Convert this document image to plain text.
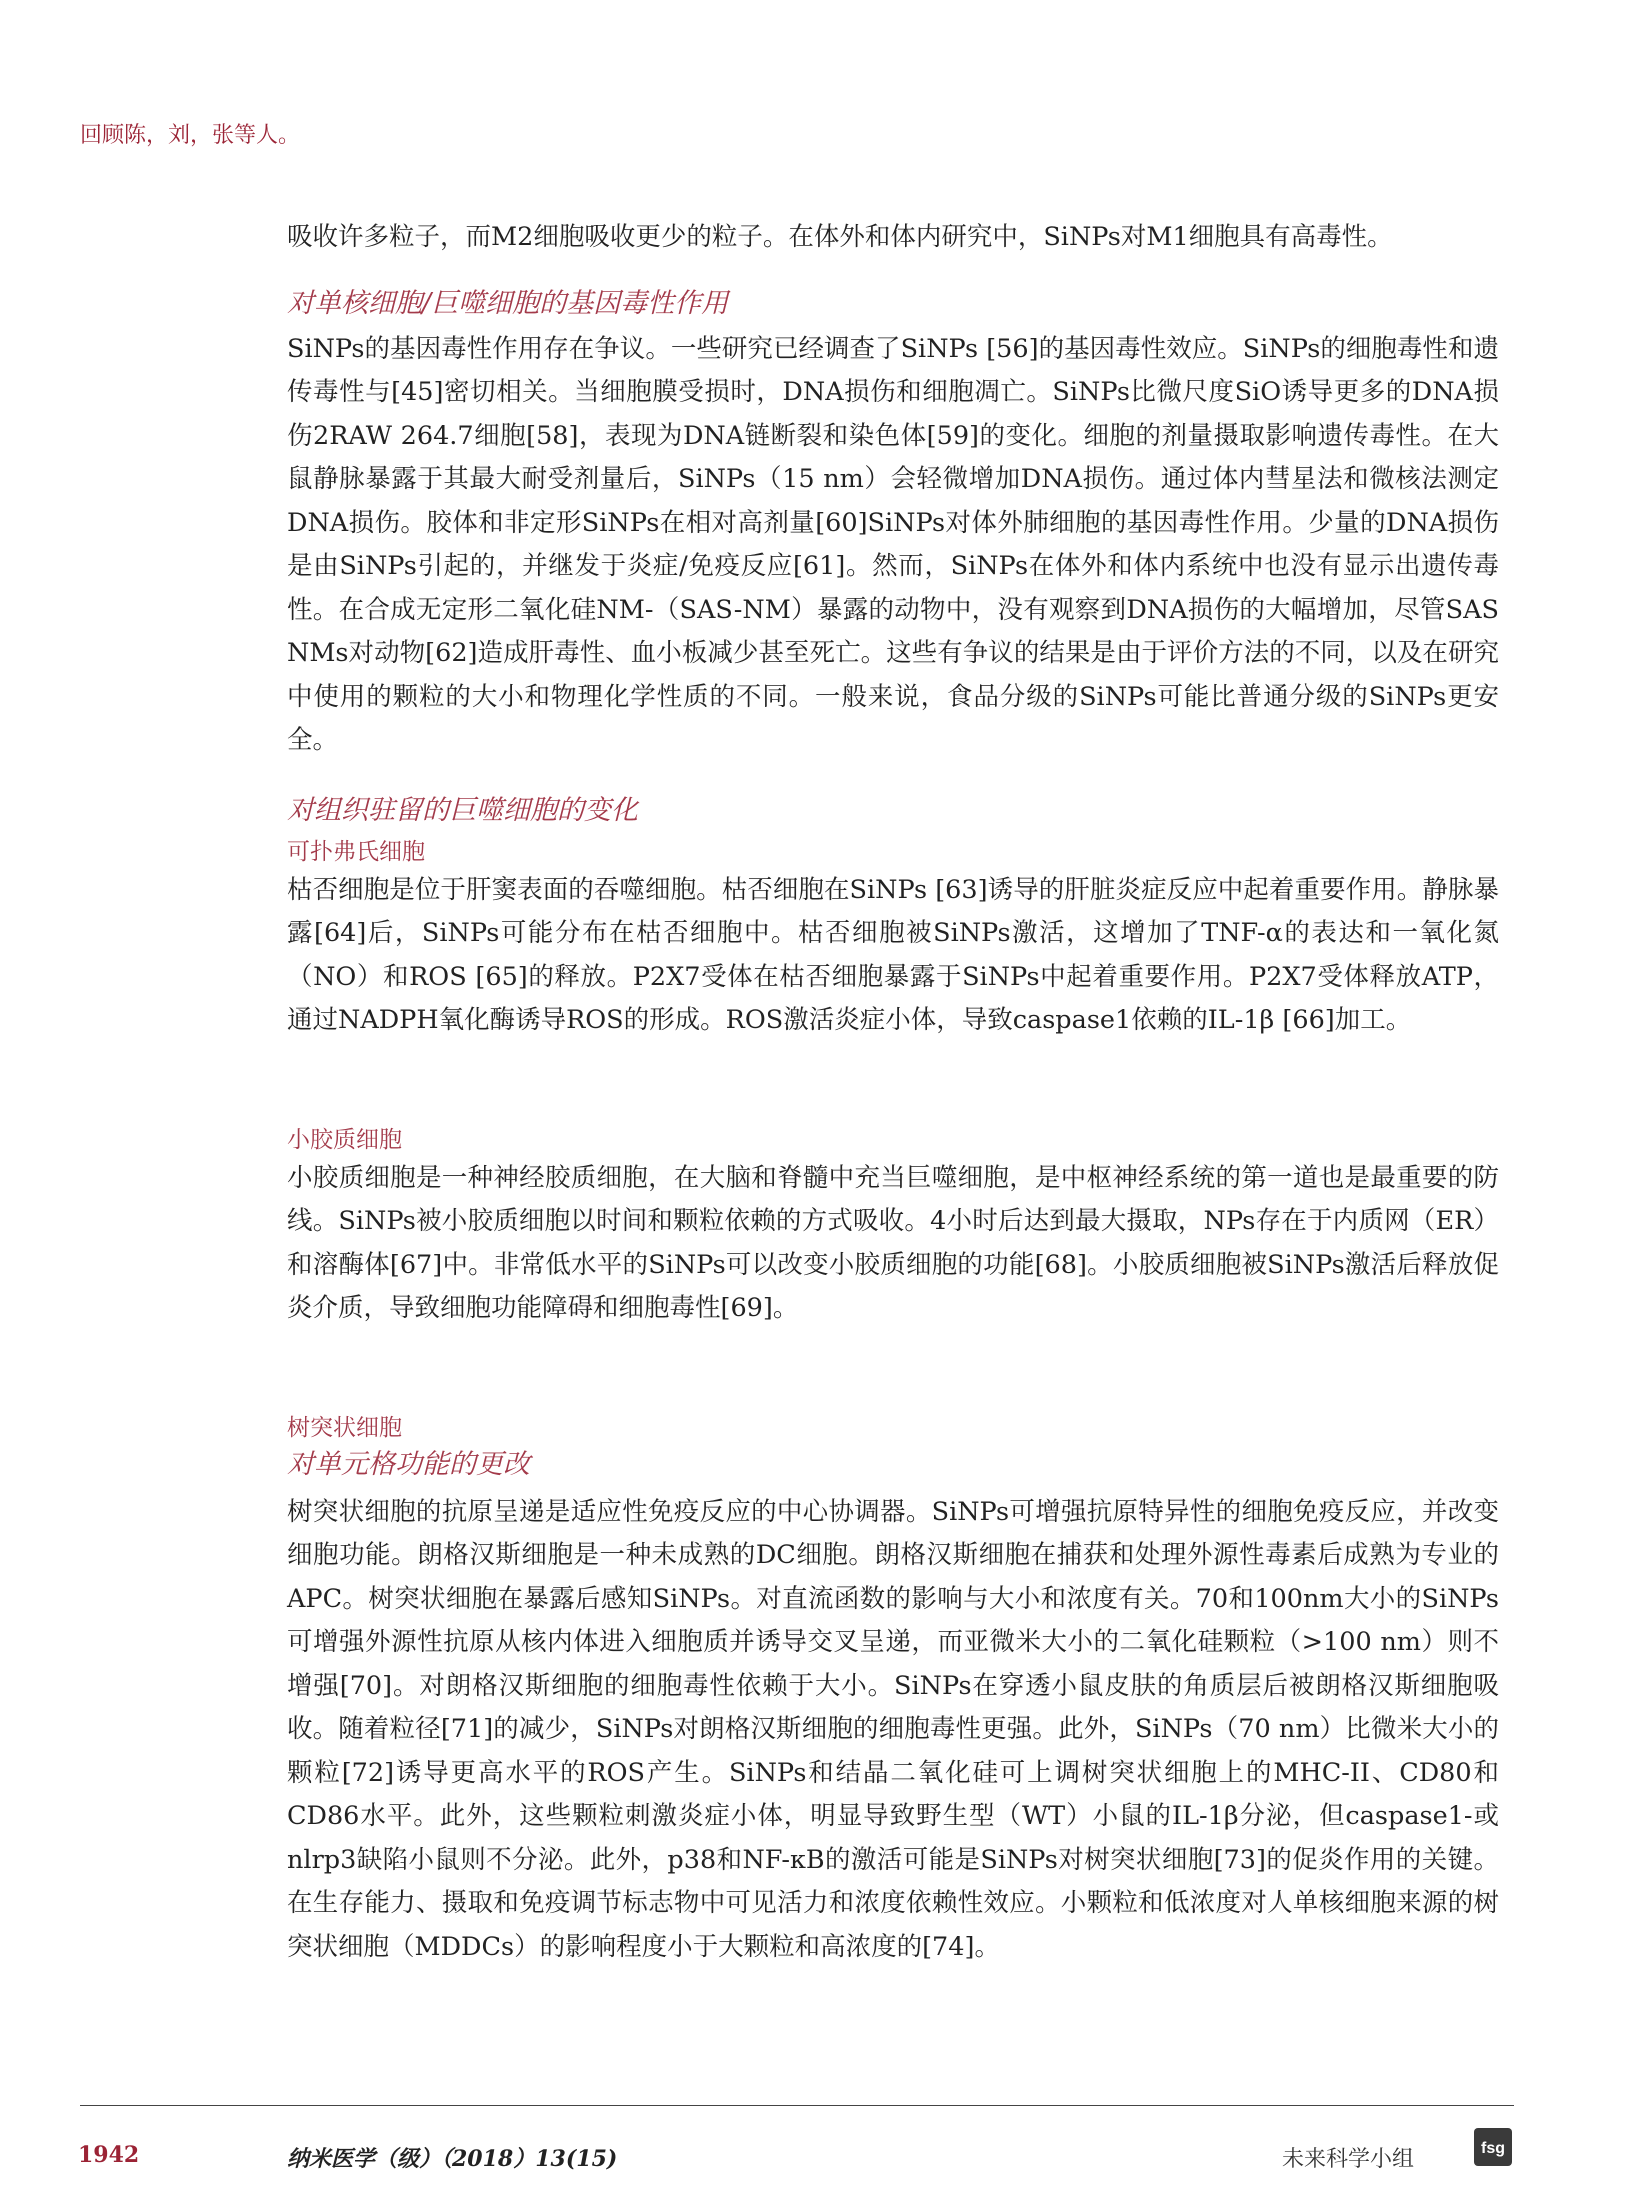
回顾陈，刘，张等人。

吸收许多粒子，而M2细胞吸收更少的粒子。在体外和体内研究中，SiNPs对M1细胞具有高毒性。

对单核细胞/巨噬细胞的基因毒性作用

SiNPs的基因毒性作用存在争议。一些研究已经调查了SiNPs [56]的基因毒性效应。SiNPs的细胞毒性和遗传毒性与[45]密切相关。当细胞膜受损时，DNA损伤和细胞凋亡。SiNPs比微尺度SiO诱导更多的DNA损伤2RAW 264.7细胞[58]，表现为DNA链断裂和染色体[59]的变化。细胞的剂量摄取影响遗传毒性。在大鼠静脉暴露于其最大耐受剂量后，SiNPs（15 nm）会轻微增加DNA损伤。通过体内彗星法和微核法测定DNA损伤。胶体和非定形SiNPs在相对高剂量[60]SiNPs对体外肺细胞的基因毒性作用。少量的DNA损伤是由SiNPs引起的，并继发于炎症/免疫反应[61]。然而，SiNPs在体外和体内系统中也没有显示出遗传毒性。在合成无定形二氧化硅NM-（SAS-NM）暴露的动物中，没有观察到DNA损伤的大幅增加，尽管SAS NMs对动物[62]造成肝毒性、血小板减少甚至死亡。这些有争议的结果是由于评价方法的不同，以及在研究中使用的颗粒的大小和物理化学性质的不同。一般来说，食品分级的SiNPs可能比普通分级的SiNPs更安全。

对组织驻留的巨噬细胞的变化
可扑弗氏细胞

枯否细胞是位于肝窦表面的吞噬细胞。枯否细胞在SiNPs [63]诱导的肝脏炎症反应中起着重要作用。静脉暴露[64]后，SiNPs可能分布在枯否细胞中。枯否细胞被SiNPs激活，这增加了TNF-α的表达和一氧化氮（NO）和ROS [65]的释放。P2X7受体在枯否细胞暴露于SiNPs中起着重要作用。P2X7受体释放ATP，通过NADPH氧化酶诱导ROS的形成。ROS激活炎症小体，导致caspase1依赖的IL-1β [66]加工。

小胶质细胞

小胶质细胞是一种神经胶质细胞，在大脑和脊髓中充当巨噬细胞，是中枢神经系统的第一道也是最重要的防线。SiNPs被小胶质细胞以时间和颗粒依赖的方式吸收。4小时后达到最大摄取，NPs存在于内质网（ER）和溶酶体[67]中。非常低水平的SiNPs可以改变小胶质细胞的功能[68]。小胶质细胞被SiNPs激活后释放促炎介质，导致细胞功能障碍和细胞毒性[69]。

树突状细胞
对单元格功能的更改

树突状细胞的抗原呈递是适应性免疫反应的中心协调器。SiNPs可增强抗原特异性的细胞免疫反应，并改变细胞功能。朗格汉斯细胞是一种未成熟的DC细胞。朗格汉斯细胞在捕获和处理外源性毒素后成熟为专业的APC。树突状细胞在暴露后感知SiNPs。对直流函数的影响与大小和浓度有关。70和100nm大小的SiNPs可增强外源性抗原从核内体进入细胞质并诱导交叉呈递，而亚微米大小的二氧化硅颗粒（>100 nm）则不增强[70]。对朗格汉斯细胞的细胞毒性依赖于大小。SiNPs在穿透小鼠皮肤的角质层后被朗格汉斯细胞吸收。随着粒径[71]的减少，SiNPs对朗格汉斯细胞的细胞毒性更强。此外，SiNPs（70 nm）比微米大小的颗粒[72]诱导更高水平的ROS产生。SiNPs和结晶二氧化硅可上调树突状细胞上的MHC-II、CD80和CD86水平。此外，这些颗粒刺激炎症小体，明显导致野生型（WT）小鼠的IL-1β分泌，但caspase1-或nlrp3缺陷小鼠则不分泌。此外，p38和NF-κB的激活可能是SiNPs对树突状细胞[73]的促炎作用的关键。在生存能力、摄取和免疫调节标志物中可见活力和浓度依赖性效应。小颗粒和低浓度对人单核细胞来源的树突状细胞（MDDCs）的影响程度小于大颗粒和高浓度的[74]。

1942	纳米医学（级）（2018）13(15)	未来科学小组	fsg
